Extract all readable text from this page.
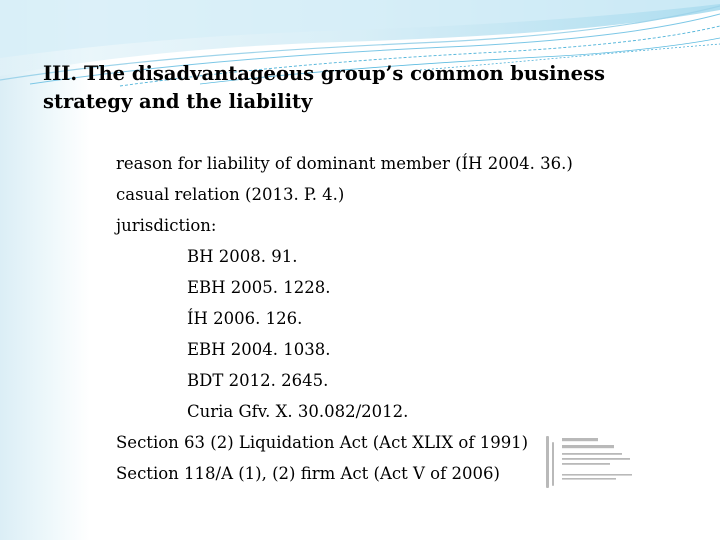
III. The disadvantageous group’s common business
strategy and the liability
reason for liability of dominant member (ÍH 2004. 36.)
casual relation (2013. P. 4.)
jurisdiction:
BH 2008. 91.
EBH 2005. 1228.
ÍH 2006. 126.
EBH 2004. 1038.
BDT 2012. 2645.
Curia Gfv. X. 30.082/2012.
Section 63 (2) Liquidation Act (Act XLIX of 1991)
Section 118/A (1), (2) firm Act (Act V of 2006)
